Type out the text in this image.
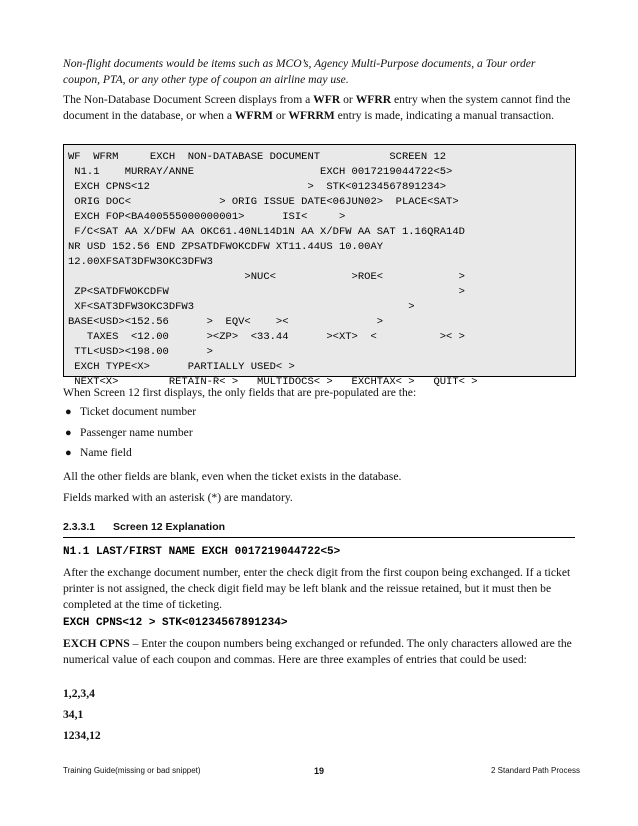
Non-flight documents would be items such as MCO’s, Agency Multi-Purpose documents, a Tour order coupon, PTA, or any other type of coupon an airline may use.

The Non-Database Document Screen displays from a WFR or WFRR entry when the system cannot find the document in the database, or when a WFRM or WFRRM entry is made, indicating a manual transaction.

WF  WFRM     EXCH  NON-DATABASE DOCUMENT           SCREEN 12
N1.1    MURRAY/ANNE                    EXCH 0017219044722<5>
EXCH CPNS<12                         >  STK<01234567891234>
ORIG DOC<              > ORIG ISSUE DATE<06JUN02>  PLACE<SAT>
EXCH FOP<BA400555000000001>      ISI<     >
F/C<SAT AA X/DFW AA OKC61.40NL14D1N AA X/DFW AA SAT 1.16QRA14D
NR USD 152.56 END ZPSATDFWOKCDFW XT11.44US 10.00AY
12.00XFSAT3DFW3OKC3DFW3
>NUC<            >ROE<            >
ZP<SATDFWOKCDFW                                              >
XF<SAT3DFW3OKC3DFW3                                  >
BASE<USD><152.56      >  EQV<    ><              >
TAXES  <12.00      ><ZP>  <33.44      ><XT>  <          >< >
TTL<USD><198.00      >
EXCH TYPE<X>      PARTIALLY USED< >
NEXT<X>        RETAIN-R< >   MULTIDOCS< >   EXCHTAX< >   QUIT< >

When Screen 12 first displays, the only fields that are pre-populated are the:

● Ticket document number
● Passenger name number
● Name field

All the other fields are blank, even when the ticket exists in the database.

Fields marked with an asterisk (*) are mandatory.

2.3.3.1 Screen 12 Explanation
N1.1 LAST/FIRST NAME EXCH 0017219044722<5>

After the exchange document number, enter the check digit from the first coupon being exchanged. If a ticket printer is not assigned, the check digit field may be left blank and the reissue retained, but it must then be completed at the time of ticketing.

EXCH CPNS<12 > STK<01234567891234>

EXCH CPNS – Enter the coupon numbers being exchanged or refunded. The only characters allowed are the numerical value of each coupon and commas. Here are three examples of entries that could be used:

1,2,3,4

34,1

1234,12

Training Guide(missing or bad snippet)	19	2 Standard Path Process
